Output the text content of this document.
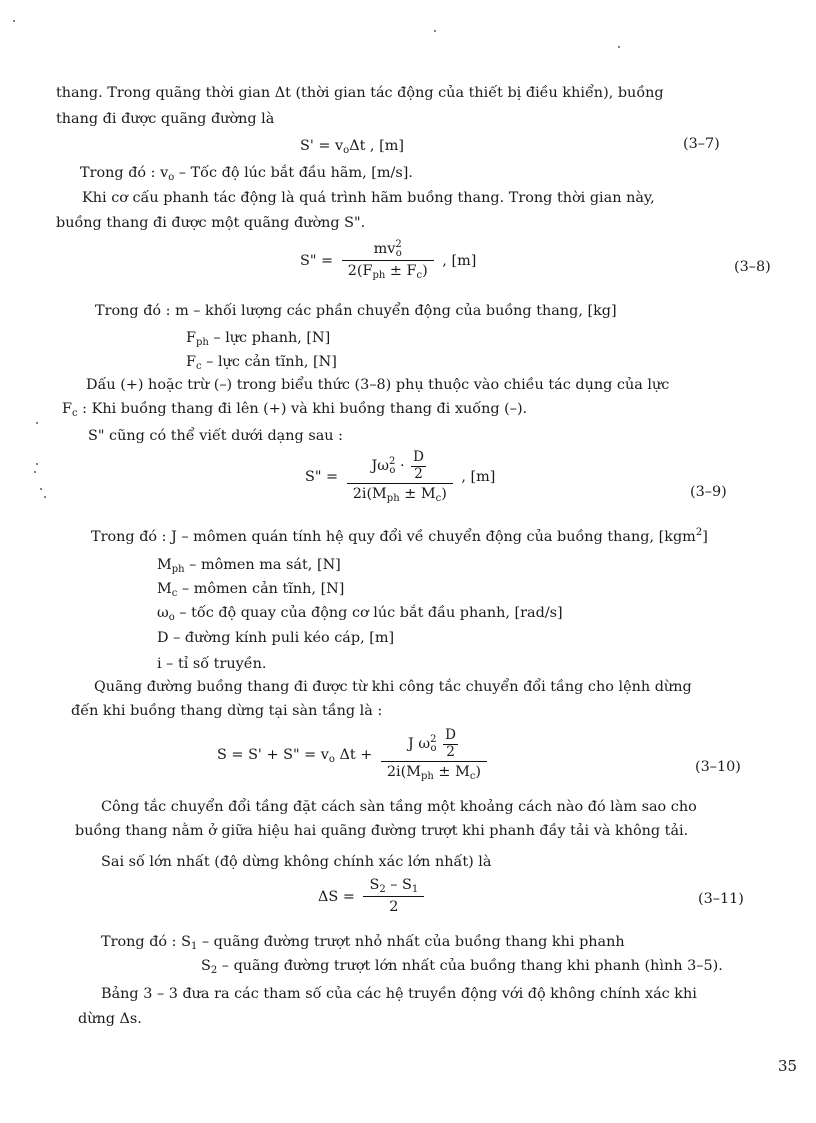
thang. Trong quãng thời gian Δt (thời gian tác động của thiết bị điều khiển), buồng
thang đi được quãng đường là
$S' = v_o\Delta t$ , [m]	(3–7)
Trong đó : $v_o$ – Tốc độ lúc bắt đầu hãm, [m/s].
Khi cơ cấu phanh tác động là quá trình hãm buồng thang. Trong thời gian này,
buồng thang đi được một quãng đường S".
S" = $\frac{mv^2_o}{2(F_{ph} \pm F_c)}$ , [m]	(3–8)
Trong đó : m – khối lượng các phần chuyển động của buồng thang, [kg]
$F_{ph}$ – lực phanh, [N]
$F_c$ – lực cản tĩnh, [N]
Dấu (+) hoặc trừ (–) trong biểu thức (3–8) phụ thuộc vào chiều tác dụng của lực
$F_c$ : Khi buồng thang đi lên (+) và khi buồng thang đi xuống (–).
S" cũng có thể viết dưới dạng sau :
S" = $\frac{J\omega^2_o \cdot \frac{D}{2}}{2i(M_{ph} \pm M_c)}$ , [m]
(3–9)
Trong đó : J – mômen quán tính hệ quy đổi về chuyển động của buồng thang, [kgm$^2$]
$M_{ph}$ – mômen ma sát, [N]
$M_c$ – mômen cản tĩnh, [N]
$\omega_o$ – tốc độ quay của động cơ lúc bắt đầu phanh, [rad/s]
D – đường kính puli kéo cáp, [m]
i – tỉ số truyền.
Quãng đường buồng thang đi được từ khi công tắc chuyển đổi tầng cho lệnh dừng
đến khi buồng thang dừng tại sàn tầng là :
S = S' + S" = $v_o$ $\Delta t + \frac{J \omega^2_o \frac{D}{2}}{2i(M_{ph} \pm M_c)}$	(3–10)
Công tắc chuyển đổi tầng đặt cách sàn tầng một khoảng cách nào đó làm sao cho
buồng thang nằm ở giữa hiệu hai quãng đường trượt khi phanh đầy tải và không tải.
Sai số lớn nhất (độ dừng không chính xác lớn nhất) là
$\Delta S = \frac{S_2 - S_1}{2}$	(3–11)
Trong đó : $S_1$ – quãng đường trượt nhỏ nhất của buồng thang khi phanh
$S_2$ – quãng đường trượt lớn nhất của buồng thang khi phanh (hình 3–5).
Bảng 3 – 3 đưa ra các tham số của các hệ truyền động với độ không chính xác khi
dừng Δs.
35
